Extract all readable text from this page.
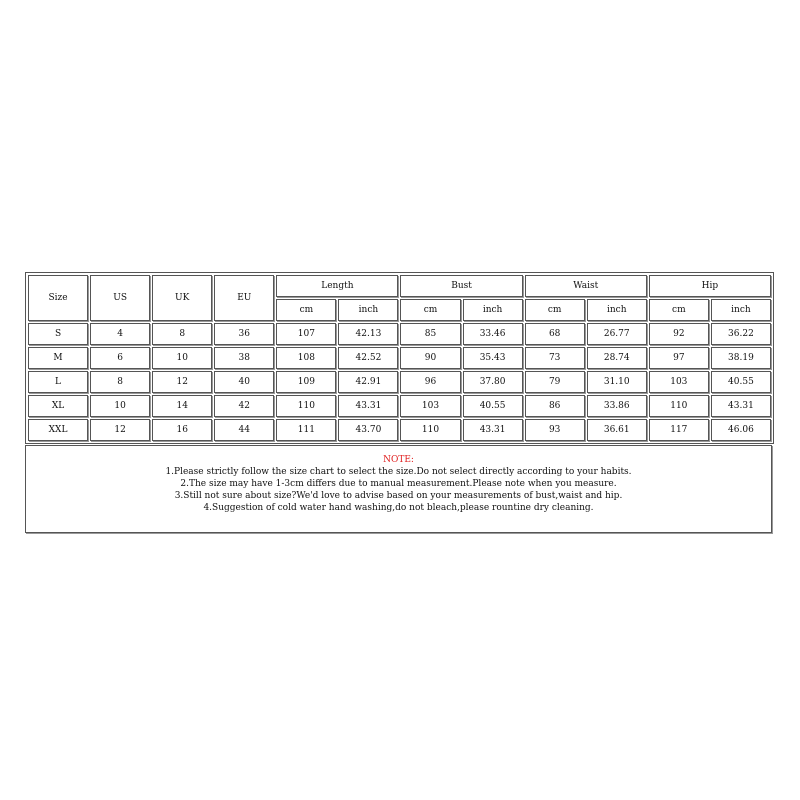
Size	US	UK	EU	Length		Bust		Waist		Hip	
				cm	inch	cm	inch	cm	inch	cm	inch
S	4	8	36	107	42.13	85	33.46	68	26.77	92	36.22
M	6	10	38	108	42.52	90	35.43	73	28.74	97	38.19
L	8	12	40	109	42.91	96	37.80	79	31.10	103	40.55
XL	10	14	42	110	43.31	103	40.55	86	33.86	110	43.31
XXL	12	16	44	111	43.70	110	43.31	93	36.61	117	46.06
NOTE:
1.Please strictly follow the size chart to select the size.Do not select directly according to your habits.
2.The size may have 1-3cm differs due to manual measurement.Please note when you measure.
3.Still not sure about size?We'd love to advise based on your measurements of bust,waist and hip.
4.Suggestion of cold water hand washing,do not bleach,please rountine dry cleaning.
